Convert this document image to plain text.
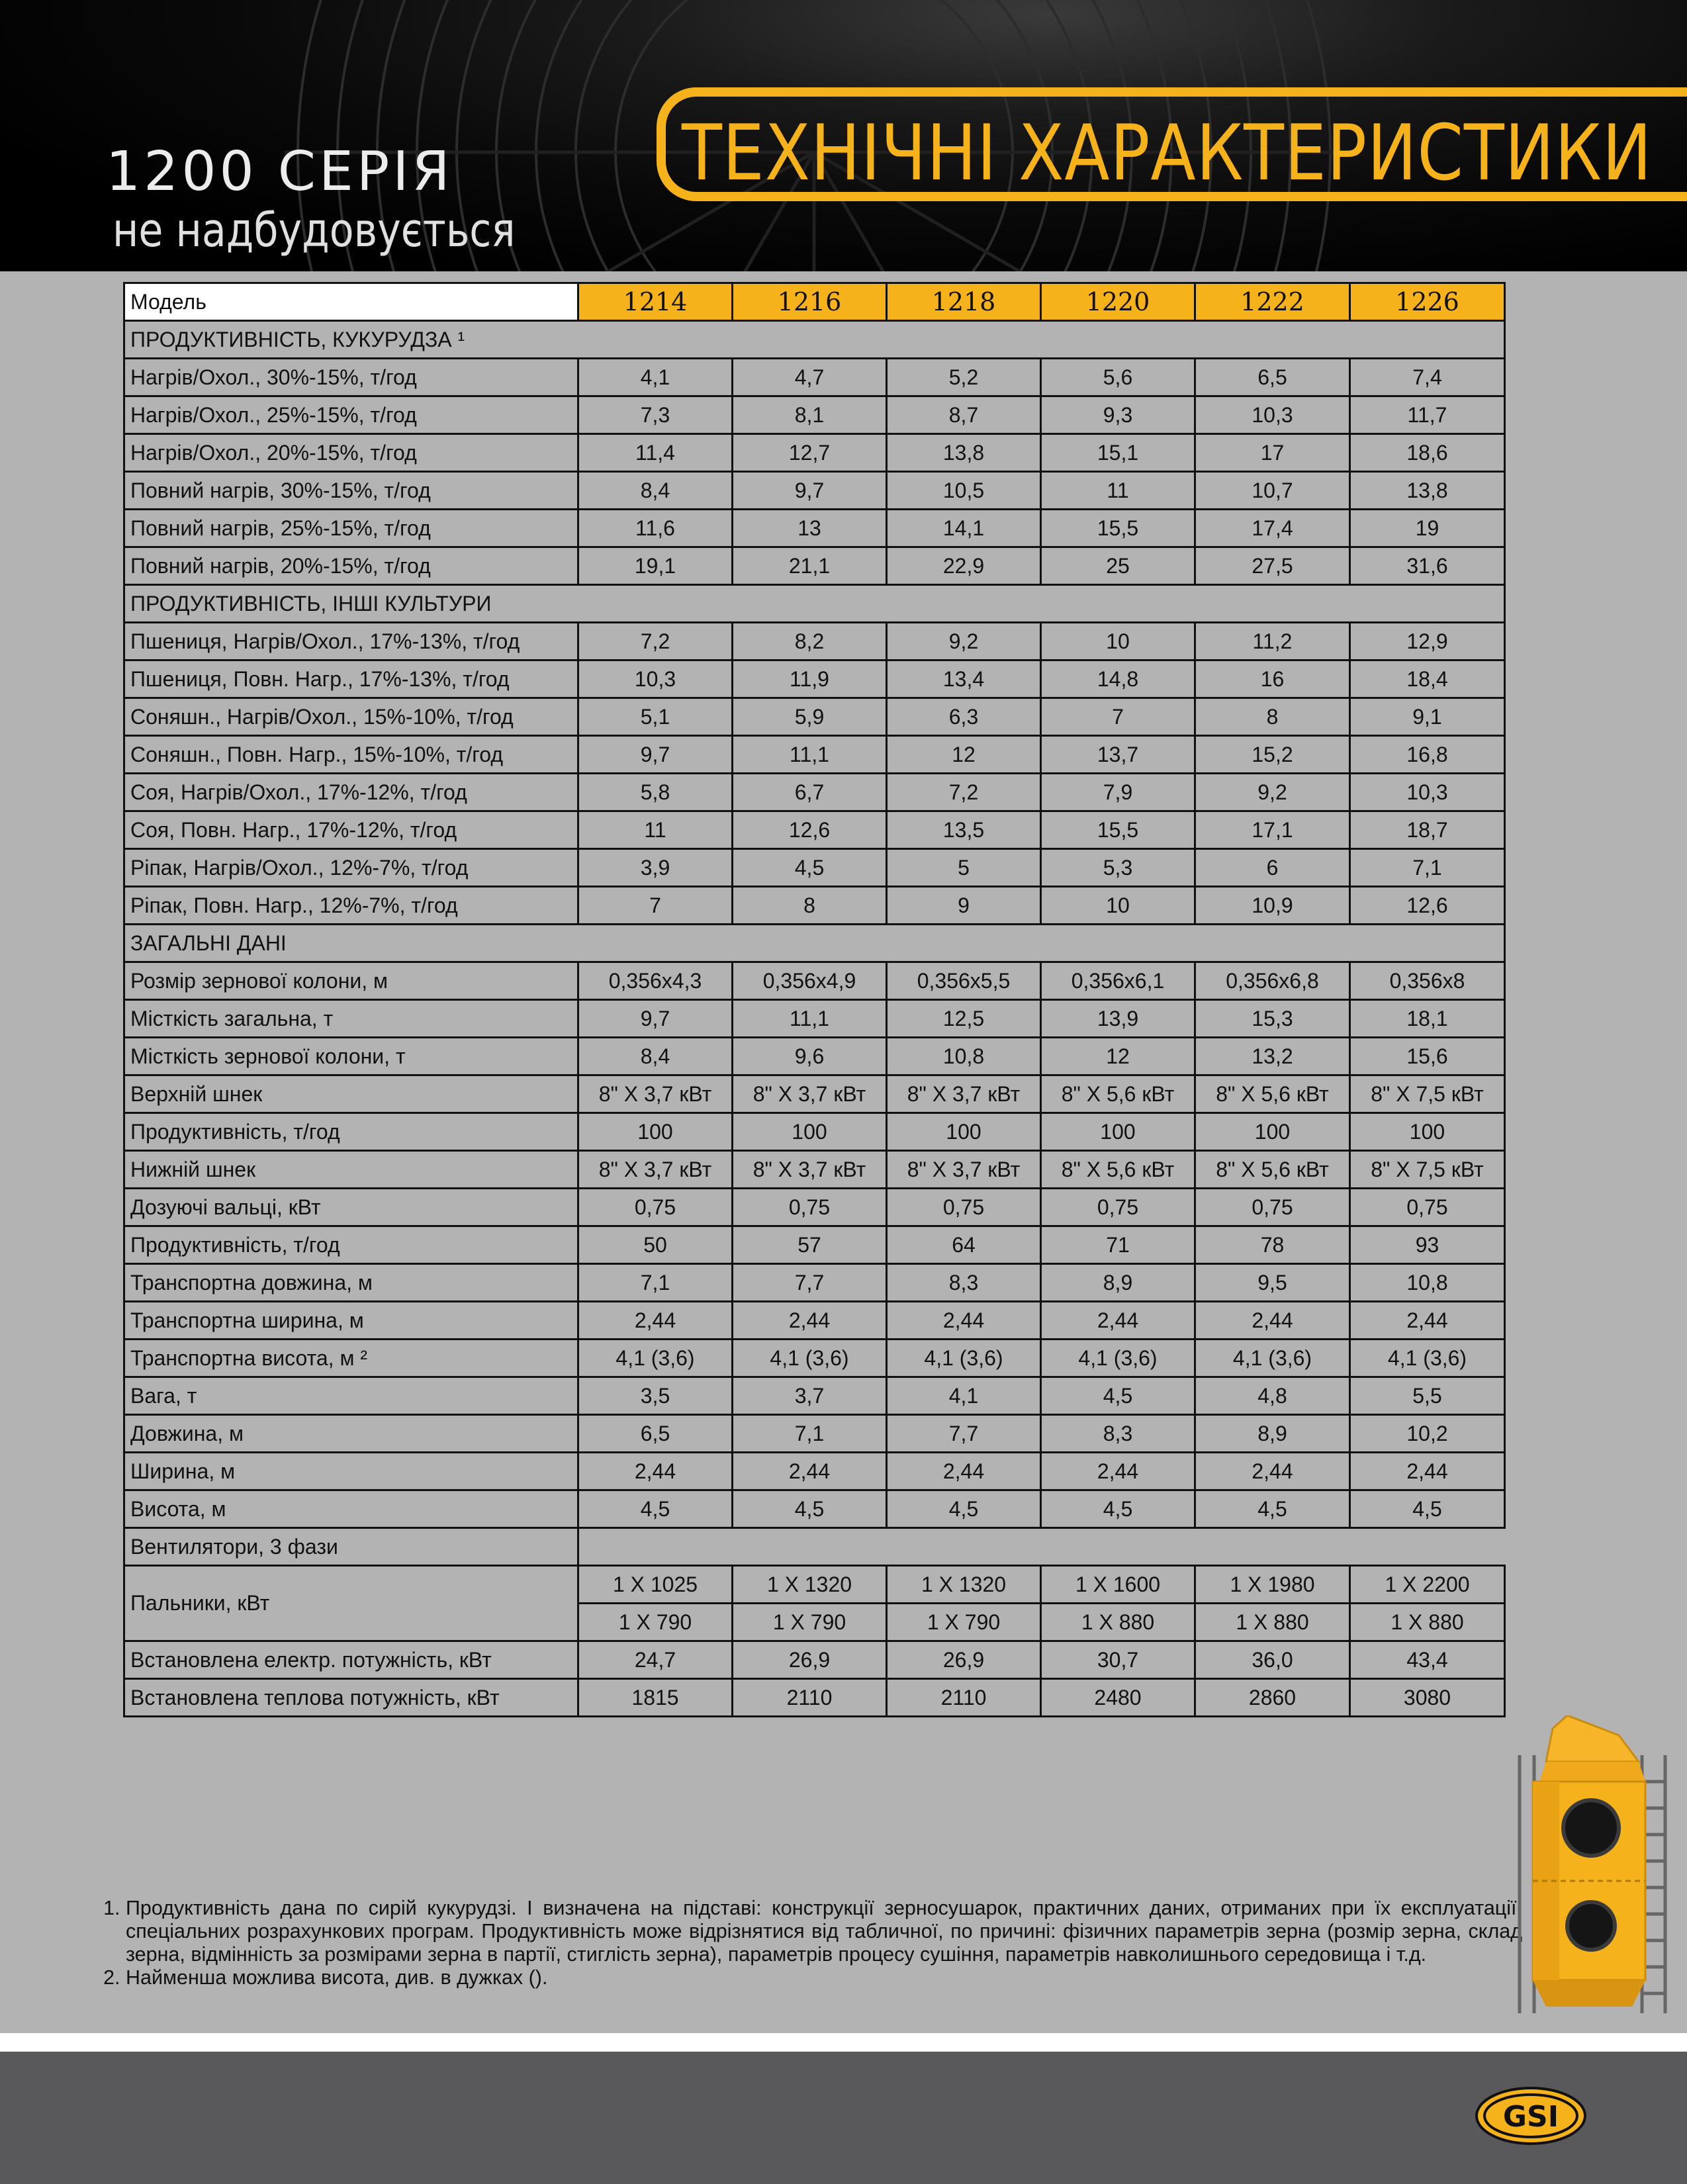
1200 СЕРІЯ
не надбудовується
ТЕХНІЧНІ ХАРАКТЕРИСТИКИ
Модель	1214	1216	1218	1220	1222	1226
ПРОДУКТИВНІСТЬ, КУКУРУДЗА ¹						
Нагрів/Охол., 30%-15%, т/год	4,1	4,7	5,2	5,6	6,5	7,4
Нагрів/Охол., 25%-15%, т/год	7,3	8,1	8,7	9,3	10,3	11,7
Нагрів/Охол., 20%-15%, т/год	11,4	12,7	13,8	15,1	17	18,6
Повний нагрів, 30%-15%, т/год	8,4	9,7	10,5	11	10,7	13,8
Повний нагрів, 25%-15%, т/год	11,6	13	14,1	15,5	17,4	19
Повний нагрів, 20%-15%, т/год	19,1	21,1	22,9	25	27,5	31,6
ПРОДУКТИВНІСТЬ, ІНШІ КУЛЬТУРИ						
Пшениця, Нагрів/Охол., 17%-13%, т/год	7,2	8,2	9,2	10	11,2	12,9
Пшениця, Повн. Нагр., 17%-13%, т/год	10,3	11,9	13,4	14,8	16	18,4
Соняшн., Нагрів/Охол., 15%-10%, т/год	5,1	5,9	6,3	7	8	9,1
Соняшн., Повн. Нагр., 15%-10%, т/год	9,7	11,1	12	13,7	15,2	16,8
Соя, Нагрів/Охол., 17%-12%, т/год	5,8	6,7	7,2	7,9	9,2	10,3
Соя, Повн. Нагр., 17%-12%, т/год	11	12,6	13,5	15,5	17,1	18,7
Ріпак, Нагрів/Охол., 12%-7%, т/год	3,9	4,5	5	5,3	6	7,1
Ріпак, Повн. Нагр., 12%-7%, т/год	7	8	9	10	10,9	12,6
ЗАГАЛЬНІ ДАНІ						
Розмір зернової колони, м	0,356x4,3	0,356x4,9	0,356x5,5	0,356x6,1	0,356x6,8	0,356x8
Місткість загальна, т	9,7	11,1	12,5	13,9	15,3	18,1
Місткість зернової колони, т	8,4	9,6	10,8	12	13,2	15,6
Верхній шнек	8" X 3,7 кВт	8" X 3,7 кВт	8" X 3,7 кВт	8" X 5,6 кВт	8" X 5,6 кВт	8" X 7,5 кВт
Продуктивність, т/год	100	100	100	100	100	100
Нижній шнек	8" X 3,7 кВт	8" X 3,7 кВт	8" X 3,7 кВт	8" X 5,6 кВт	8" X 5,6 кВт	8" X 7,5 кВт
Дозуючі вальці, кВт	0,75	0,75	0,75	0,75	0,75	0,75
Продуктивність, т/год	50	57	64	71	78	93
Транспортна довжина, м	7,1	7,7	8,3	8,9	9,5	10,8
Транспортна ширина, м	2,44	2,44	2,44	2,44	2,44	2,44
Транспортна висота, м ²	4,1 (3,6)	4,1 (3,6)	4,1 (3,6)	4,1 (3,6)	4,1 (3,6)	4,1 (3,6)
Вага, т	3,5	3,7	4,1	4,5	4,8	5,5
Довжина, м	6,5	7,1	7,7	8,3	8,9	10,2
Ширина, м	2,44	2,44	2,44	2,44	2,44	2,44
Висота, м	4,5	4,5	4,5	4,5	4,5	4,5
Вентилятори, 3 фази	

Пальники, кВт	1 X 1025	1 X 1320	1 X 1320	1 X 1600	1 X 1980	1 X 2200
	1 X 790	1 X 790	1 X 790	1 X 880	1 X 880	1 X 880
Встановлена електр. потужність, кВт	24,7	26,9	26,9	30,7	36,0	43,4
Встановлена теплова потужність, кВт	1815	2110	2110	2480	2860	3080
1. Продуктивність дана по сирій кукурудзі. І визначена на підставі: конструкції зерносушарок, практичних даних, отриманих при їх експлуатації, спеціальних розрахункових програм. Продуктивність може відрізнятися від табличної, по причині: фізичних параметрів зерна (розмір зерна, склад зерна, відмінність за розмірами зерна в партії, стиглість зерна), параметрів процесу сушіння, параметрів навколишнього середовища і т.д.
2. Найменша можлива висота, див. в дужках ().
GSI
